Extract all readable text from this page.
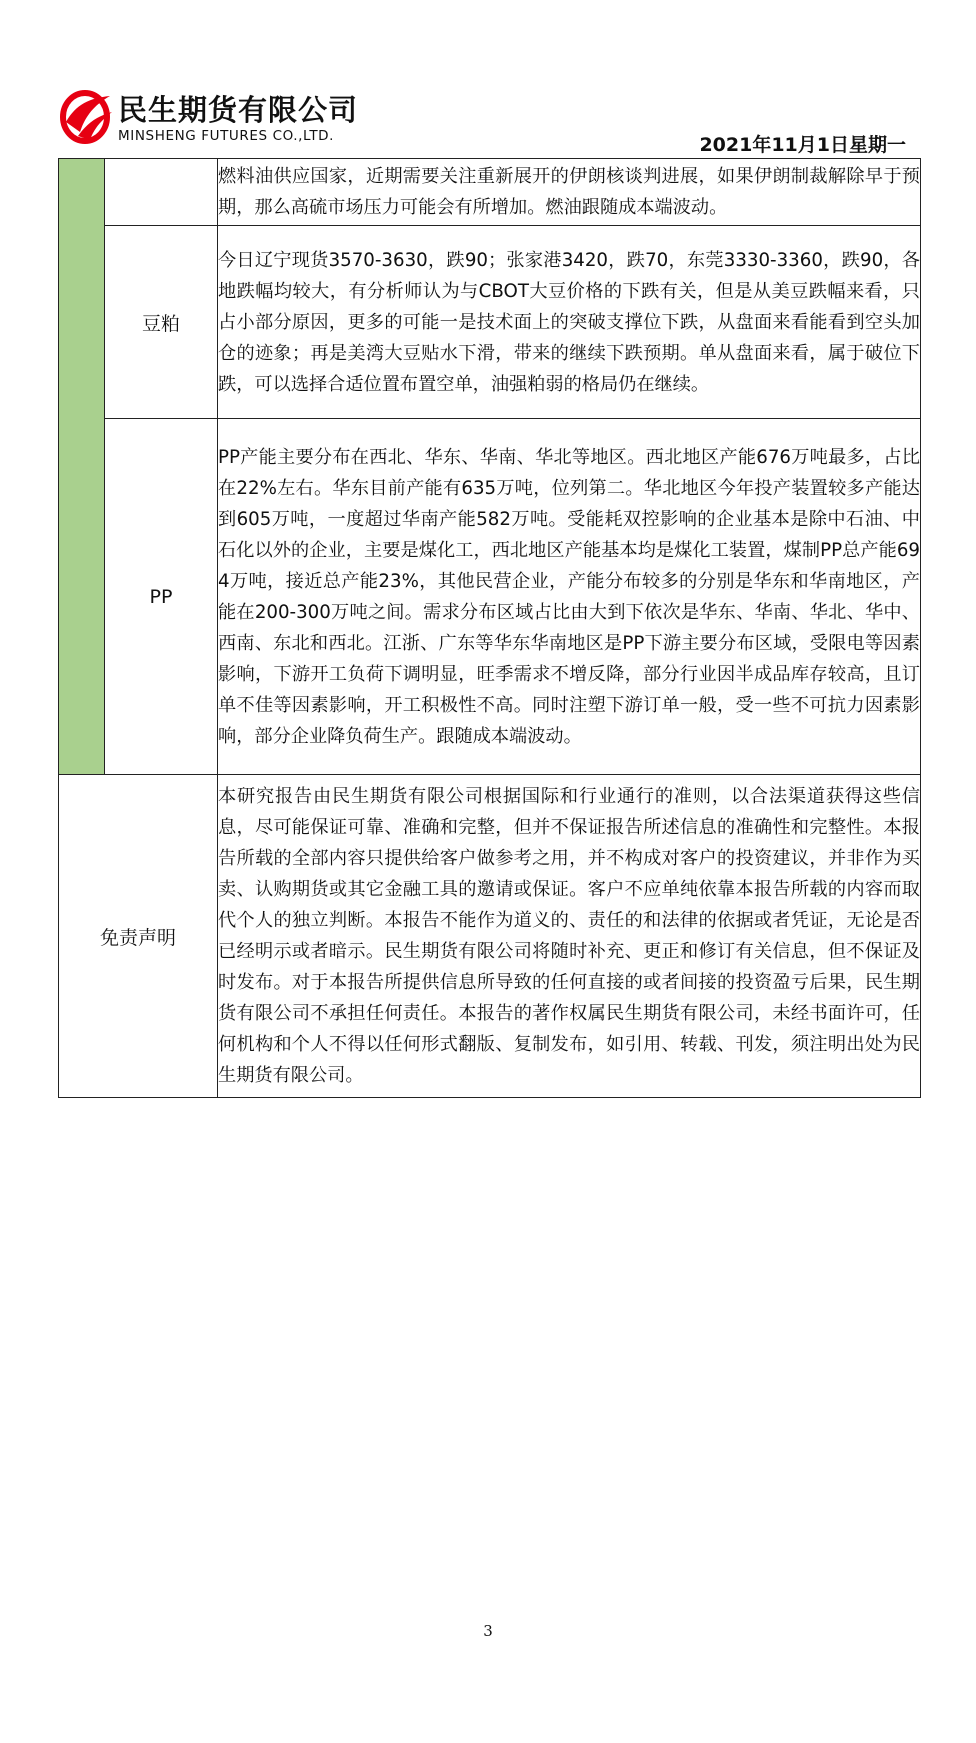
民生期货有限公司
MINSHENG FUTURES CO.,LTD.	2021年11月1日星期一
		燃料油供应国家，近期需要关注重新展开的伊朗核谈判进展，如果伊朗制裁解除早于预期，那么高硫市场压力可能会有所增加。燃油跟随成本端波动。
	豆粕	今日辽宁现货3570-3630，跌90；张家港3420，跌70，东莞3330-3360，跌90，各地跌幅均较大，有分析师认为与CBOT大豆价格的下跌有关，但是从美豆跌幅来看，只占小部分原因，更多的可能一是技术面上的突破支撑位下跌，从盘面来看能看到空头加仓的迹象；再是美湾大豆贴水下滑，带来的继续下跌预期。单从盘面来看，属于破位下跌，可以选择合适位置布置空单，油强粕弱的格局仍在继续。
	PP	PP产能主要分布在西北、华东、华南、华北等地区。西北地区产能676万吨最多，占比在22%左右。华东目前产能有635万吨，位列第二。华北地区今年投产装置较多产能达到605万吨，一度超过华南产能582万吨。受能耗双控影响的企业基本是除中石油、中石化以外的企业，主要是煤化工，西北地区产能基本均是煤化工装置，煤制PP总产能694万吨，接近总产能23%，其他民营企业，产能分布较多的分别是华东和华南地区，产能在200-300万吨之间。需求分布区域占比由大到下依次是华东、华南、华北、华中、西南、东北和西北。江浙、广东等华东华南地区是PP下游主要分布区域，受限电等因素影响，下游开工负荷下调明显，旺季需求不增反降，部分行业因半成品库存较高，且订单不佳等因素影响，开工积极性不高。同时注塑下游订单一般，受一些不可抗力因素影响，部分企业降负荷生产。跟随成本端波动。
免责声明		本研究报告由民生期货有限公司根据国际和行业通行的准则，以合法渠道获得这些信息，尽可能保证可靠、准确和完整，但并不保证报告所述信息的准确性和完整性。本报告所载的全部内容只提供给客户做参考之用，并不构成对客户的投资建议，并非作为买卖、认购期货或其它金融工具的邀请或保证。客户不应单纯依靠本报告所载的内容而取代个人的独立判断。本报告不能作为道义的、责任的和法律的依据或者凭证，无论是否已经明示或者暗示。民生期货有限公司将随时补充、更正和修订有关信息，但不保证及时发布。对于本报告所提供信息所导致的任何直接的或者间接的投资盈亏后果，民生期货有限公司不承担任何责任。本报告的著作权属民生期货有限公司，未经书面许可，任何机构和个人不得以任何形式翻版、复制发布，如引用、转载、刊发，须注明出处为民生期货有限公司。
3
